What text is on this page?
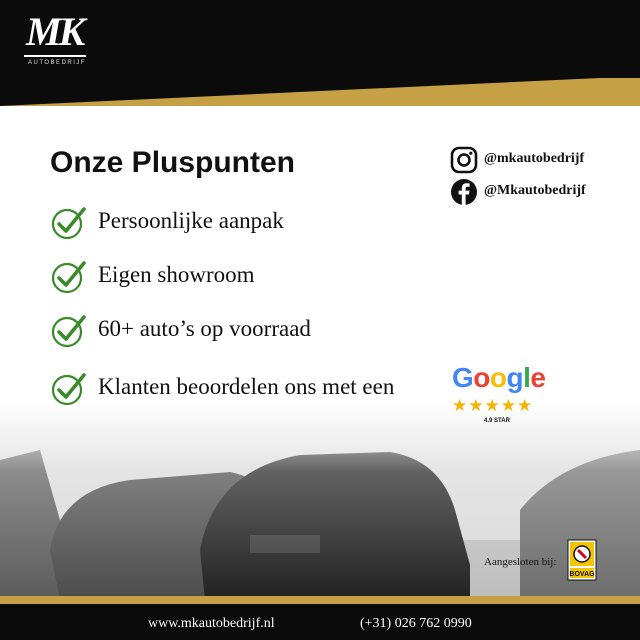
MK
AUTOBEDRIJF
Onze Pluspunten
Persoonlijke aanpak
Eigen showroom
60+ auto’s op voorraad
Klanten beoordelen ons met een
@mkautobedrijf
@Mkautobedrijf
Google
★★★★★
4.9 STAR
Aangesloten bij:
BOVAG
www.mkautobedrijf.nl	(+31) 026 762 0990
